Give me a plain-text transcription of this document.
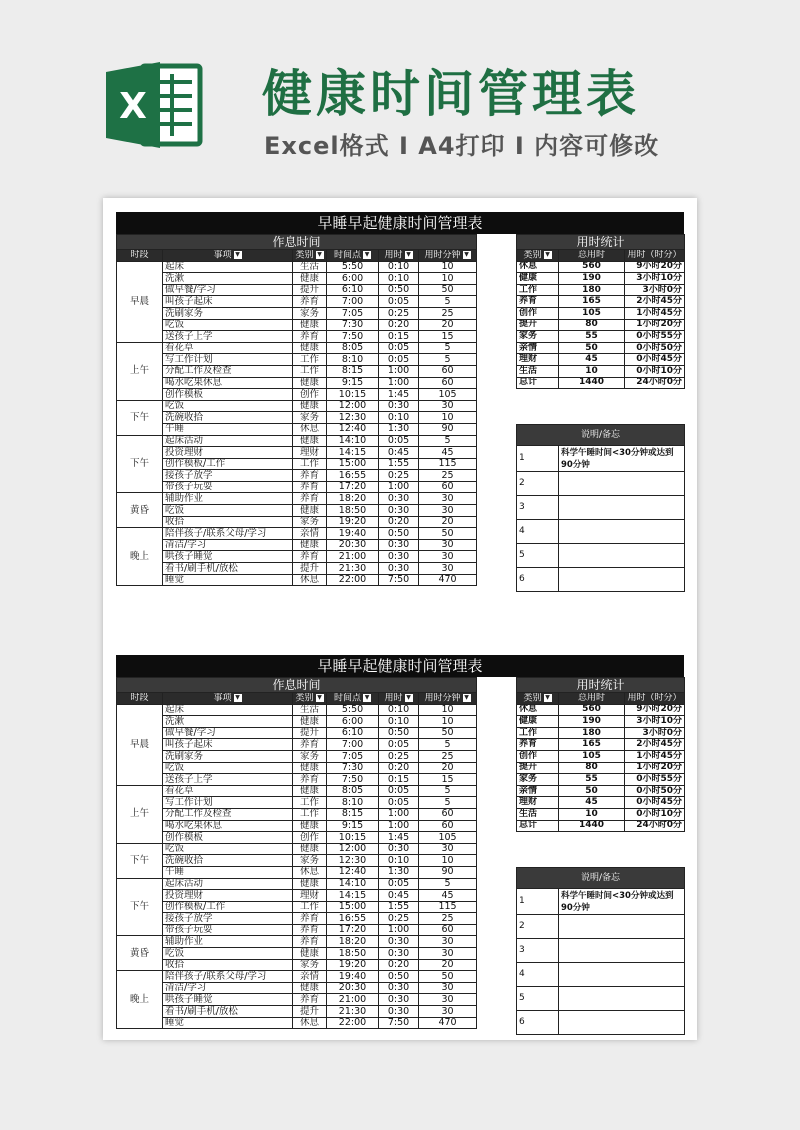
X 健康时间管理表
Excel格式 I A4打印 I 内容可修改
早睡早起健康时间管理表
作息时间					
时段	事项 ▼	类别 ▼	时间点 ▼	用时 ▼	用时分钟 ▼
早晨	起床	生活	5:50	0:10	10
	洗漱	健康	6:00	0:10	10
	做早餐/学习	提升	6:10	0:50	50
	叫孩子起床	养育	7:00	0:05	5
	洗刷家务	家务	7:05	0:25	25
	吃饭	健康	7:30	0:20	20
	送孩子上学	养育	7:50	0:15	15
上午	看花草	健康	8:05	0:05	5
	写工作计划	工作	8:10	0:05	5
	分配工作及检查	工作	8:15	1:00	60
	喝水吃果休息	健康	9:15	1:00	60
	创作模板	创作	10:15	1:45	105
下午	吃饭	健康	12:00	0:30	30
	洗碗收拾	家务	12:30	0:10	10
	午睡	休息	12:40	1:30	90
下午	起床活动	健康	14:10	0:05	5
	投资理财	理财	14:15	0:45	45
	创作模板/工作	工作	15:00	1:55	115
	接孩子放学	养育	16:55	0:25	25
	带孩子玩耍	养育	17:20	1:00	60
黄昏	辅助作业	养育	18:20	0:30	30
	吃饭	健康	18:50	0:30	30
	收拾	家务	19:20	0:20	20
晚上	陪伴孩子/联系父母/学习	亲情	19:40	0:50	50
	清洁/学习	健康	20:30	0:30	30
	哄孩子睡觉	养育	21:00	0:30	30
	看书/刷手机/放松	提升	21:30	0:30	30
	睡觉	休息	22:00	7:50	470
用时统计		
类别 ▼	总用时	用时（时分）
休息	560	9小时20分
健康	190	3小时10分
工作	180	3小时0分
养育	165	2小时45分
创作	105	1小时45分
提升	80	1小时20分
家务	55	0小时55分
亲情	50	0小时50分
理财	45	0小时45分
生活	10	0小时10分
总计	1440	24小时0分
说明/备忘	
1	科学午睡时间<30分钟或达到90分钟
2	
3	
4	
5	
6	
早睡早起健康时间管理表
作息时间					
时段	事项 ▼	类别 ▼	时间点 ▼	用时 ▼	用时分钟 ▼
早晨	起床	生活	5:50	0:10	10
	洗漱	健康	6:00	0:10	10
	做早餐/学习	提升	6:10	0:50	50
	叫孩子起床	养育	7:00	0:05	5
	洗刷家务	家务	7:05	0:25	25
	吃饭	健康	7:30	0:20	20
	送孩子上学	养育	7:50	0:15	15
上午	看花草	健康	8:05	0:05	5
	写工作计划	工作	8:10	0:05	5
	分配工作及检查	工作	8:15	1:00	60
	喝水吃果休息	健康	9:15	1:00	60
	创作模板	创作	10:15	1:45	105
下午	吃饭	健康	12:00	0:30	30
	洗碗收拾	家务	12:30	0:10	10
	午睡	休息	12:40	1:30	90
下午	起床活动	健康	14:10	0:05	5
	投资理财	理财	14:15	0:45	45
	创作模板/工作	工作	15:00	1:55	115
	接孩子放学	养育	16:55	0:25	25
	带孩子玩耍	养育	17:20	1:00	60
黄昏	辅助作业	养育	18:20	0:30	30
	吃饭	健康	18:50	0:30	30
	收拾	家务	19:20	0:20	20
晚上	陪伴孩子/联系父母/学习	亲情	19:40	0:50	50
	清洁/学习	健康	20:30	0:30	30
	哄孩子睡觉	养育	21:00	0:30	30
	看书/刷手机/放松	提升	21:30	0:30	30
	睡觉	休息	22:00	7:50	470
用时统计		
类别 ▼	总用时	用时（时分）
休息	560	9小时20分
健康	190	3小时10分
工作	180	3小时0分
养育	165	2小时45分
创作	105	1小时45分
提升	80	1小时20分
家务	55	0小时55分
亲情	50	0小时50分
理财	45	0小时45分
生活	10	0小时10分
总计	1440	24小时0分
说明/备忘	
1	科学午睡时间<30分钟或达到90分钟
2	
3	
4	
5	
6	
